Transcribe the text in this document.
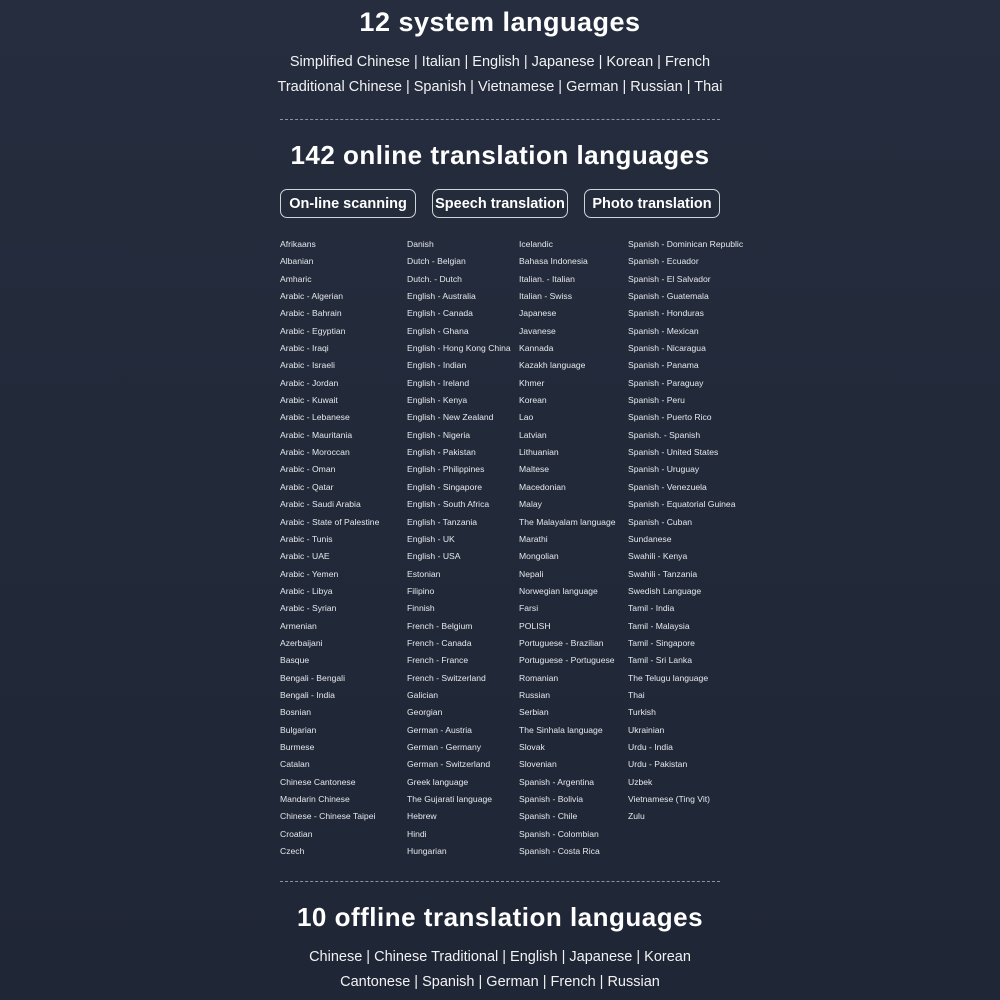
12 system languages
Simplified Chinese | Italian | English | Japanese | Korean | French
Traditional Chinese | Spanish | Vietnamese | German | Russian | Thai
142 online translation languages
On-line scanning	Speech translation	Photo translation
Afrikaans
Albanian
Amharic
Arabic - Algerian
Arabic - Bahrain
Arabic - Egyptian
Arabic - Iraqi
Arabic - Israeli
Arabic - Jordan
Arabic - Kuwait
Arabic - Lebanese
Arabic - Mauritania
Arabic - Moroccan
Arabic - Oman
Arabic - Qatar
Arabic - Saudi Arabia
Arabic - State of Palestine
Arabic - Tunis
Arabic - UAE
Arabic - Yemen
Arabic - Libya
Arabic - Syrian
Armenian
Azerbaijani
Basque
Bengali - Bengali
Bengali - India
Bosnian
Bulgarian
Burmese
Catalan
Chinese Cantonese
Mandarin Chinese
Chinese - Chinese Taipei
Croatian
Czech
Danish
Dutch - Belgian
Dutch. - Dutch
English - Australia
English - Canada
English - Ghana
English - Hong Kong China
English - Indian
English - Ireland
English - Kenya
English - New Zealand
English - Nigeria
English - Pakistan
English - Philippines
English - Singapore
English - South Africa
English - Tanzania
English - UK
English - USA
Estonian
Filipino
Finnish
French - Belgium
French - Canada
French - France
French - Switzerland
Galician
Georgian
German - Austria
German - Germany
German - Switzerland
Greek language
The Gujarati language
Hebrew
Hindi
Hungarian
Icelandic
Bahasa Indonesia
Italian. - Italian
Italian - Swiss
Japanese
Javanese
Kannada
Kazakh language
Khmer
Korean
Lao
Latvian
Lithuanian
Maltese
Macedonian
Malay
The Malayalam language
Marathi
Mongolian
Nepali
Norwegian language
Farsi
POLISH
Portuguese - Brazilian
Portuguese - Portuguese
Romanian
Russian
Serbian
The Sinhala language
Slovak
Slovenian
Spanish - Argentina
Spanish - Bolivia
Spanish - Chile
Spanish - Colombian
Spanish - Costa Rica
Spanish - Dominican Republic
Spanish - Ecuador
Spanish - El Salvador
Spanish - Guatemala
Spanish - Honduras
Spanish - Mexican
Spanish - Nicaragua
Spanish - Panama
Spanish - Paraguay
Spanish - Peru
Spanish - Puerto Rico
Spanish. - Spanish
Spanish - United States
Spanish - Uruguay
Spanish - Venezuela
Spanish - Equatorial Guinea
Spanish - Cuban
Sundanese
Swahili - Kenya
Swahili - Tanzania
Swedish Language
Tamil - India
Tamil - Malaysia
Tamil - Singapore
Tamil - Sri Lanka
The Telugu language
Thai
Turkish
Ukrainian
Urdu - India
Urdu - Pakistan
Uzbek
Vietnamese (Ting Vit)
Zulu
10 offline translation languages
Chinese | Chinese Traditional | English | Japanese | Korean
Cantonese | Spanish | German | French | Russian
